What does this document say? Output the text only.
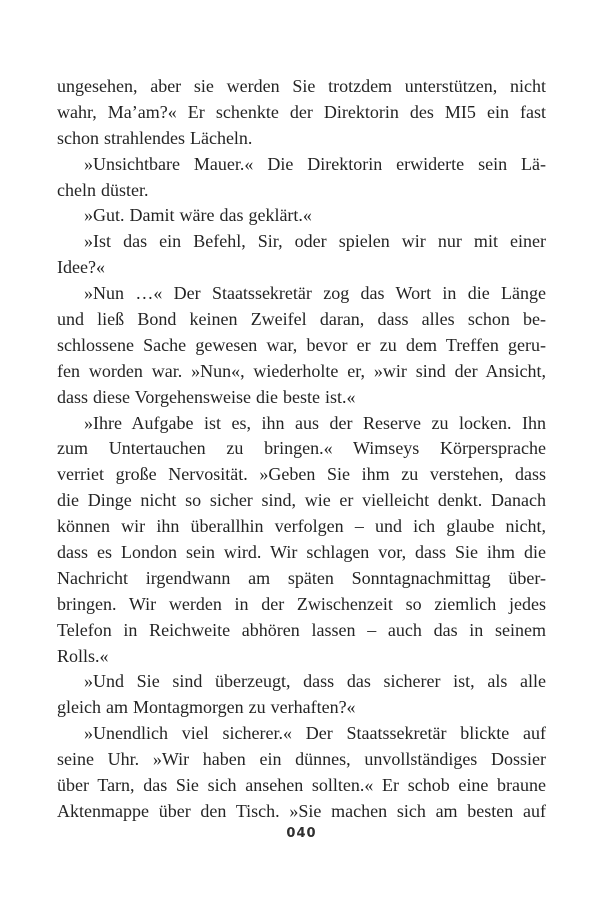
ungesehen, aber sie werden Sie trotzdem unterstützen, nicht
wahr, Ma’am?« Er schenkte der Direktorin des MI5 ein fast
schon strahlendes Lächeln.
»Unsichtbare Mauer.« Die Direktorin erwiderte sein Lä-
cheln düster.
»Gut. Damit wäre das geklärt.«
»Ist das ein Befehl, Sir, oder spielen wir nur mit einer
Idee?«
»Nun …« Der Staatssekretär zog das Wort in die Länge
und ließ Bond keinen Zweifel daran, dass alles schon be-
schlossene Sache gewesen war, bevor er zu dem Treffen geru-
fen worden war. »Nun«, wiederholte er, »wir sind der Ansicht,
dass diese Vorgehensweise die beste ist.«
»Ihre Aufgabe ist es, ihn aus der Reserve zu locken. Ihn
zum Untertauchen zu bringen.« Wimseys Körpersprache
verriet große Nervosität. »Geben Sie ihm zu verstehen, dass
die Dinge nicht so sicher sind, wie er vielleicht denkt. Danach
können wir ihn überallhin verfolgen – und ich glaube nicht,
dass es London sein wird. Wir schlagen vor, dass Sie ihm die
Nachricht irgendwann am späten Sonntagnachmittag über-
bringen. Wir werden in der Zwischenzeit so ziemlich jedes
Telefon in Reichweite abhören lassen – auch das in seinem
Rolls.«
»Und Sie sind überzeugt, dass das sicherer ist, als alle
gleich am Montagmorgen zu verhaften?«
»Unendlich viel sicherer.« Der Staatssekretär blickte auf
seine Uhr. »Wir haben ein dünnes, unvollständiges Dossier
über Tarn, das Sie sich ansehen sollten.« Er schob eine braune
Aktenmappe über den Tisch. »Sie machen sich am besten auf
040
